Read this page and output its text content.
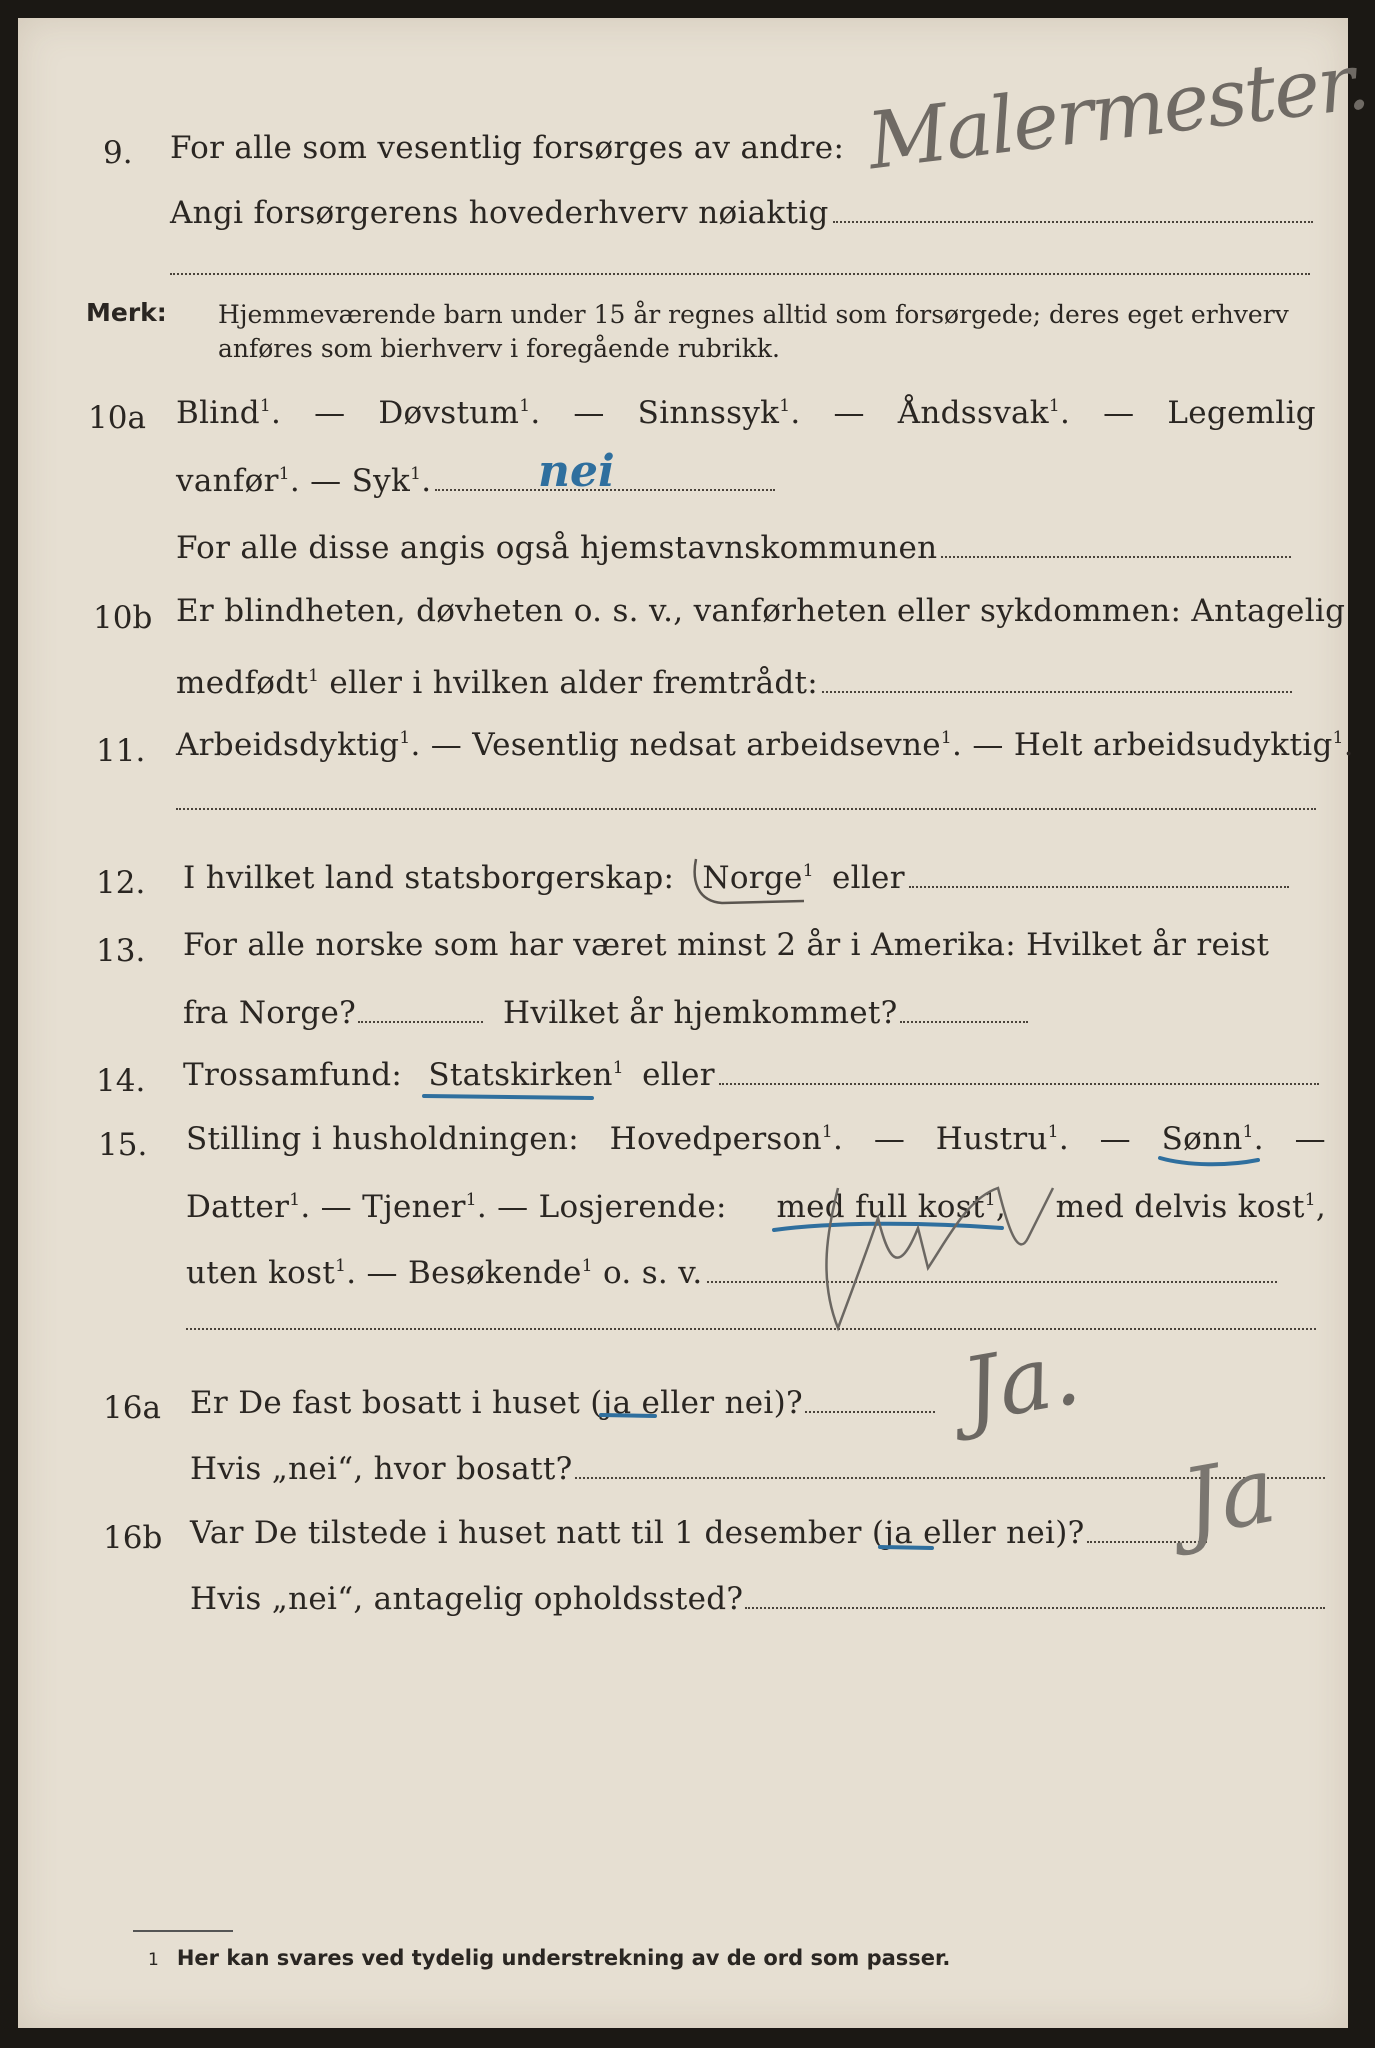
9. For alle som vesentlig forsørges av andre:
Angi forsørgerens hovederhverv nøiaktig
Malermester.
Merk: Hjemmeværende barn under 15 år regnes alltid som forsørgede; deres eget erhverv
anføres som bierhverv i foregående rubrikk.
10a Blind$^1$. — Døvstum$^1$. — Sinnssyk$^1$. — Åndssvak$^1$. — Legemlig
vanfør$^1$. — Syk$^1$.	nei
For alle disse angis også hjemstavnskommunen
10b Er blindheten, døvheten o. s. v., vanførheten eller sykdommen: Antagelig
medfødt$^1$ eller i hvilken alder fremtrådt:
11. Arbeidsdyktig$^1$. — Vesentlig nedsat arbeidsevne$^1$. — Helt arbeidsudyktig$^1$.
12. I hvilket land statsborgerskap: Norge$^1$ eller
13. For alle norske som har været minst 2 år i Amerika: Hvilket år reist
fra Norge?	Hvilket år hjemkommet?
14. Trossamfund: Statskirken$^1$ eller
15. Stilling i husholdningen: Hovedperson$^1$. — Hustru$^1$. — Sønn$^1$. —
Datter$^1$. — Tjener$^1$. — Losjerende: med full kost$^1$, med delvis kost$^1$,
uten kost$^1$. — Besøkende$^1$ o. s. v.
16a Er De fast bosatt i huset (ja eller nei)?
Hvis „nei“, hvor bosatt?
Ja.
16b Var De tilstede i huset natt til 1 desember (ja eller nei)?
Hvis „nei“, antagelig opholdssted?
Ja
1 Her kan svares ved tydelig understrekning av de ord som passer.
